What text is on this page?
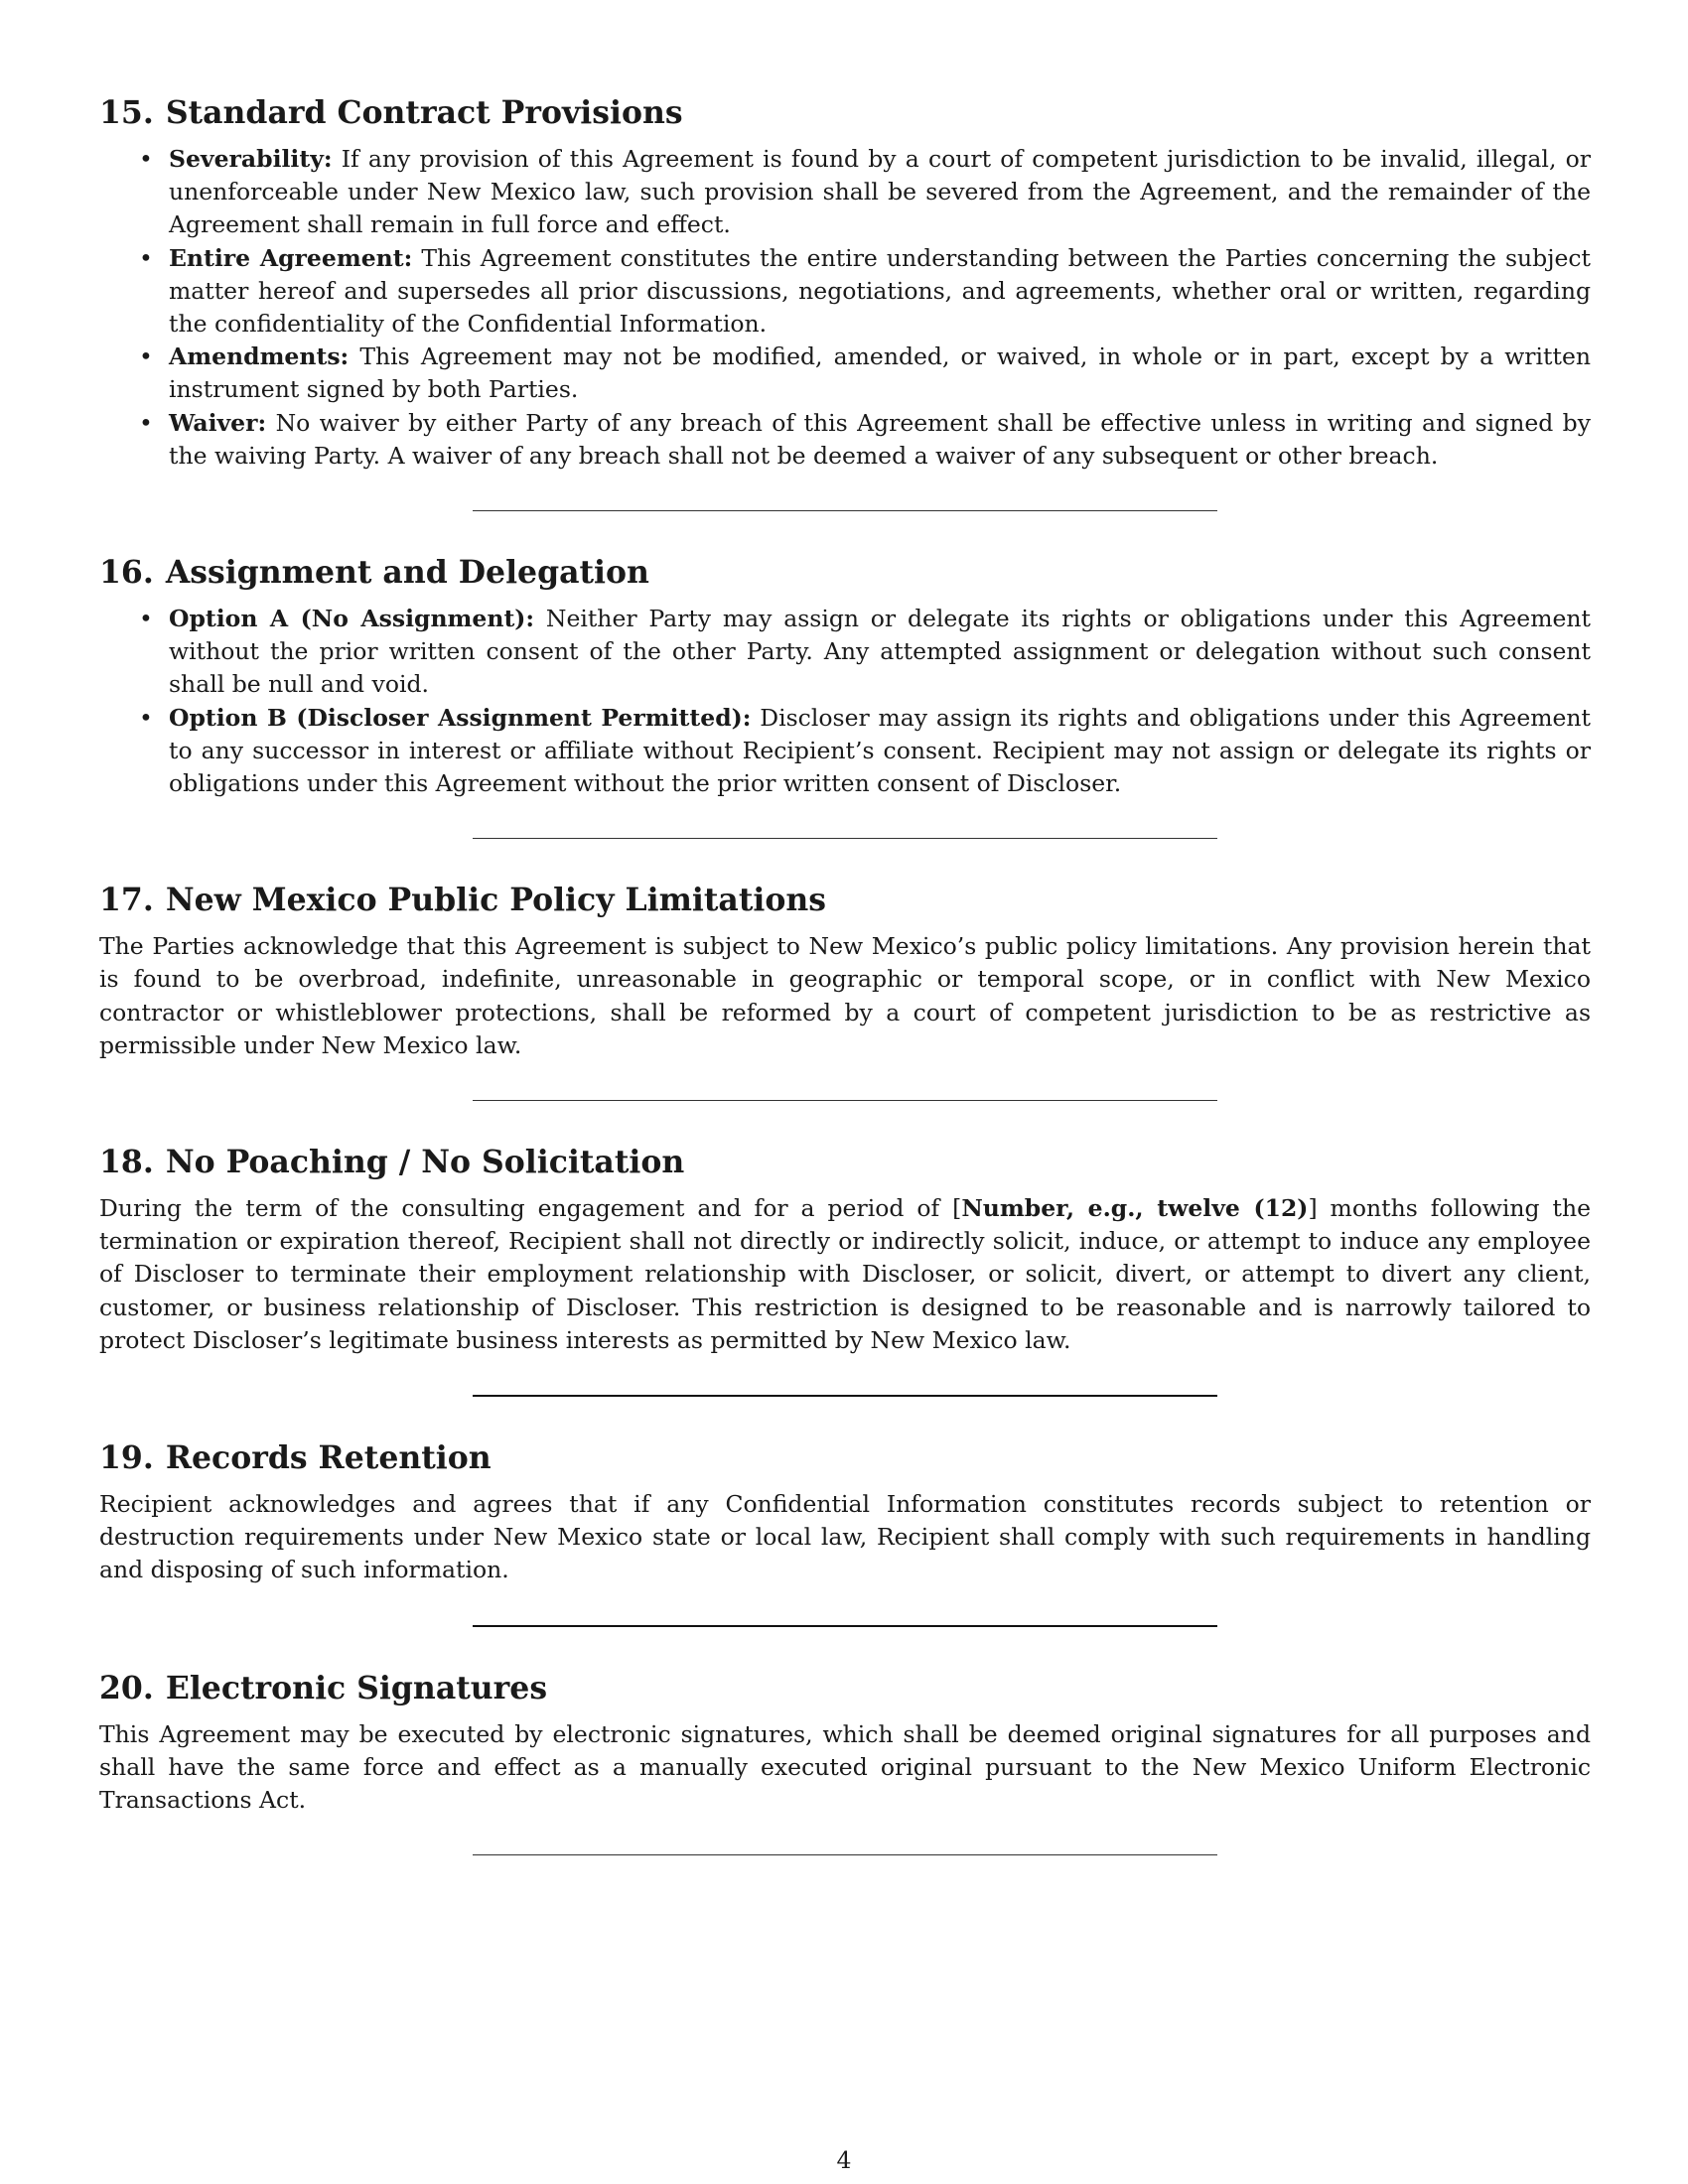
15. Standard Contract Provisions
• Severability: If any provision of this Agreement is found by a court of competent jurisdiction to be invalid, illegal, or unenforceable under New Mexico law, such provision shall be severed from the Agreement, and the remainder of the Agreement shall remain in full force and effect.
• Entire Agreement: This Agreement constitutes the entire understanding between the Parties concerning the subject matter hereof and supersedes all prior discussions, negotiations, and agreements, whether oral or written, regarding the confidentiality of the Confidential Information.
• Amendments: This Agreement may not be modified, amended, or waived, in whole or in part, except by a written instrument signed by both Parties.
• Waiver: No waiver by either Party of any breach of this Agreement shall be effective unless in writing and signed by the waiving Party. A waiver of any breach shall not be deemed a waiver of any subsequent or other breach.
16. Assignment and Delegation
• Option A (No Assignment): Neither Party may assign or delegate its rights or obligations under this Agreement without the prior written consent of the other Party. Any attempted assignment or delegation without such consent shall be null and void.
• Option B (Discloser Assignment Permitted): Discloser may assign its rights and obligations under this Agreement to any successor in interest or affiliate without Recipient’s consent. Recipient may not assign or delegate its rights or obligations under this Agreement without the prior written consent of Discloser.
17. New Mexico Public Policy Limitations

The Parties acknowledge that this Agreement is subject to New Mexico’s public policy limitations. Any provision herein that is found to be overbroad, indefinite, unreasonable in geographic or temporal scope, or in conflict with New Mexico contractor or whistleblower protections, shall be reformed by a court of competent jurisdiction to be as restrictive as permissible under New Mexico law.

18. No Poaching / No Solicitation

During the term of the consulting engagement and for a period of [Number, e.g., twelve (12)] months following the termination or expiration thereof, Recipient shall not directly or indirectly solicit, induce, or attempt to induce any employee of Discloser to terminate their employment relationship with Discloser, or solicit, divert, or attempt to divert any client, customer, or business relationship of Discloser. This restriction is designed to be reasonable and is narrowly tailored to protect Discloser’s legitimate business interests as permitted by New Mexico law.

19. Records Retention

Recipient acknowledges and agrees that if any Confidential Information constitutes records subject to retention or destruction requirements under New Mexico state or local law, Recipient shall comply with such requirements in handling and disposing of such information.

20. Electronic Signatures

This Agreement may be executed by electronic signatures, which shall be deemed original signatures for all purposes and shall have the same force and effect as a manually executed original pursuant to the New Mexico Uniform Electronic Transactions Act.

4
